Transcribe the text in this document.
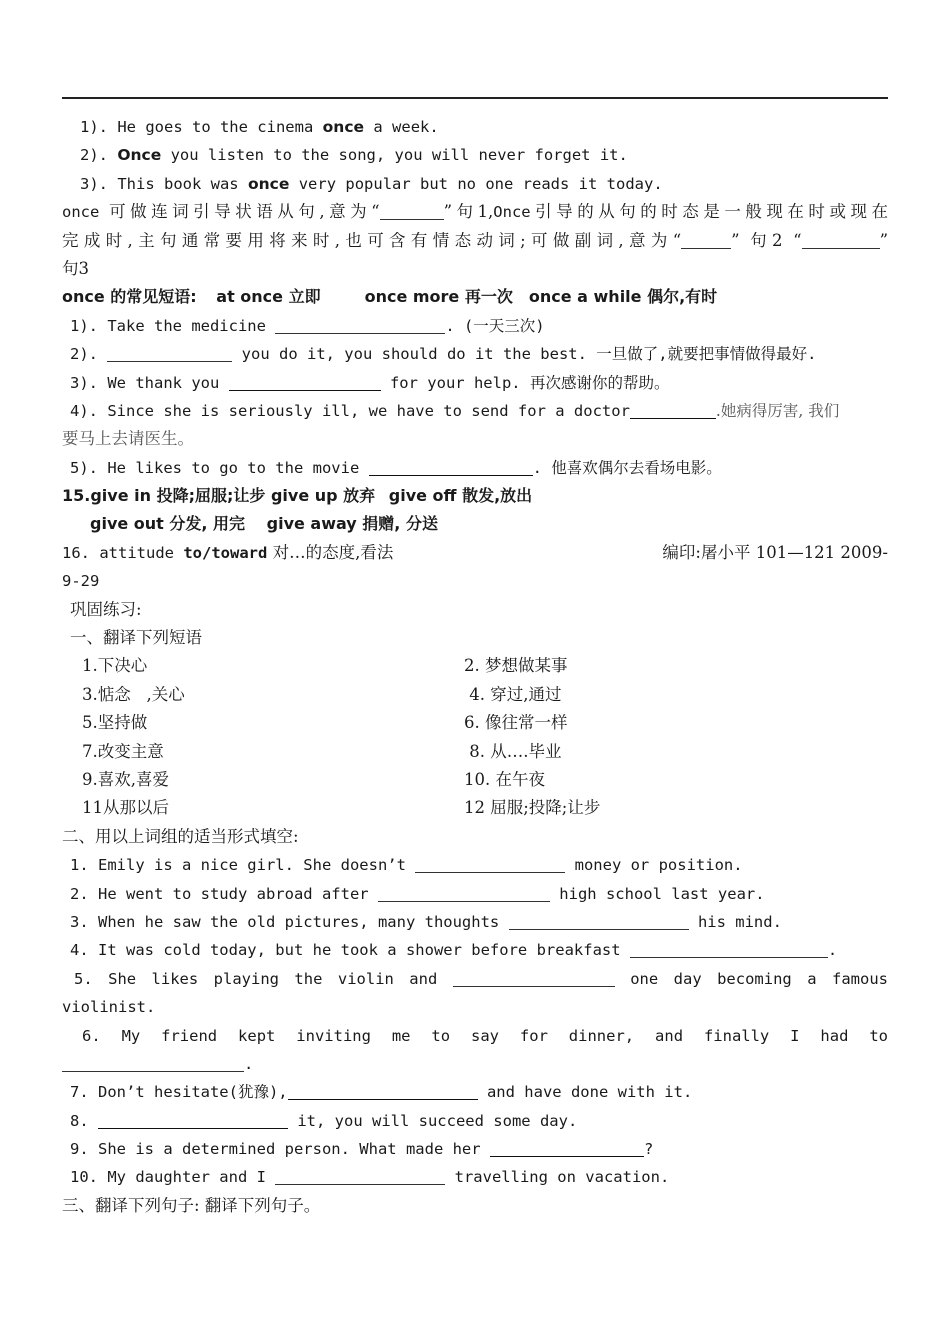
1). He goes to the cinema once a week.
2). Once you listen to the song, you will never forget it.
3). This book was once very popular but no one reads it today.
once 可做连词引导状语从句,意为“	”句1,Once引导的从句的时态是一般现在时或现在
完成时,主句通常要用将来时,也可含有情态动词;可做副词,意为“	” 句2 “	”
句3
once 的常见短语: at once 立即	once more 再一次 once a while 偶尔,有时
1). Take the medicine	. (一天三次)
2).	you do it, you should do it the best. 一旦做了,就要把事情做得最好.
3). We thank you	for your help. 再次感谢你的帮助。
4). Since she is seriously ill, we have to send for a doctor	.她病得厉害, 我们
要马上去请医生。
5). He likes to go to the movie	. 他喜欢偶尔去看场电影。
15.give in 投降;屈服;让步 give up 放弃 give off 散发,放出
give out 分发, 用完 give away 捐赠, 分送
16. attitude to/toward 对…的态度,看法	编印:屠小平 101—121 2009-
9-29
巩固练习:
一、翻译下列短语
1.下决心	2. 梦想做某事
3.惦念   ,关心	4. 穿过,通过
5.坚持做	6. 像往常一样
7.改变主意	8. 从….毕业
9.喜欢,喜爱	10. 在午夜
11从那以后	12 屈服;投降;让步
二、用以上词组的适当形式填空:
1. Emily is a nice girl. She doesn’t	money or position.
2. He went to study abroad after	high school last year.
3. When he saw the old pictures, many thoughts	his mind.
4. It was cold today, but he took a shower before breakfast	.
5. She likes playing the violin and	one day becoming a famous
violinist.
6. My friend kept inviting me to say for dinner, and finally I had to
.
7. Don’t hesitate(犹豫),	and have done with it.
8.	it, you will succeed some day.
9. She is a determined person. What made her	?
10. My daughter and I	travelling on vacation.
三、翻译下列句子: 翻译下列句子。
